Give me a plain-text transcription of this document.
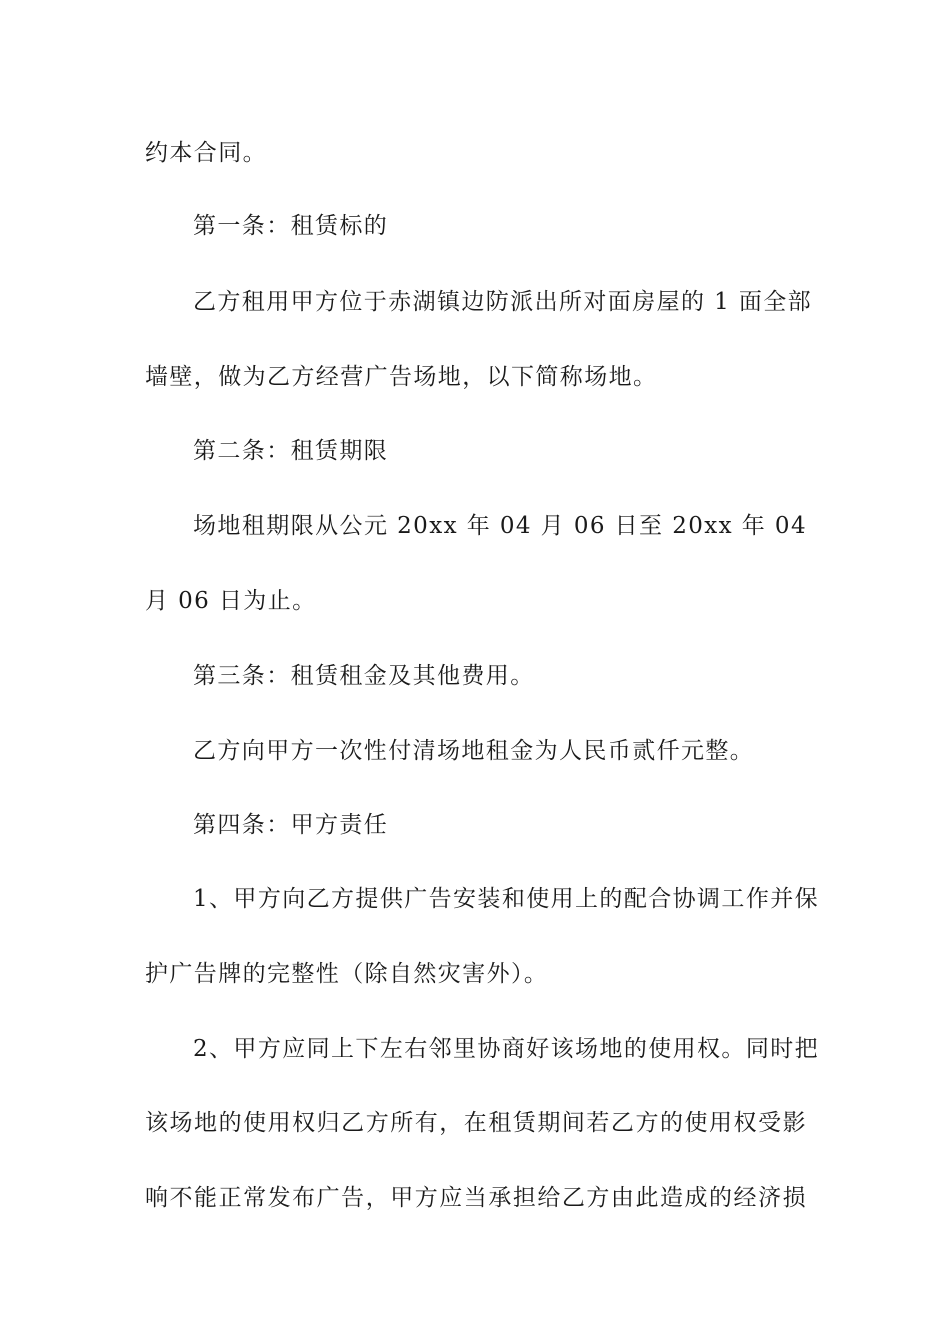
约本合同。

第一条：租赁标的

乙方租用甲方位于赤湖镇边防派出所对面房屋的 1 面全部

墙壁，做为乙方经营广告场地，以下简称场地。

第二条：租赁期限

场地租期限从公元 20xx 年 04 月 06 日至 20xx 年 04

月 06 日为止。

第三条：租赁租金及其他费用。

乙方向甲方一次性付清场地租金为人民币贰仟元整。

第四条：甲方责任

1、甲方向乙方提供广告安装和使用上的配合协调工作并保

护广告牌的完整性（除自然灾害外）。

2、甲方应同上下左右邻里协商好该场地的使用权。同时把

该场地的使用权归乙方所有，在租赁期间若乙方的使用权受影

响不能正常发布广告，甲方应当承担给乙方由此造成的经济损
